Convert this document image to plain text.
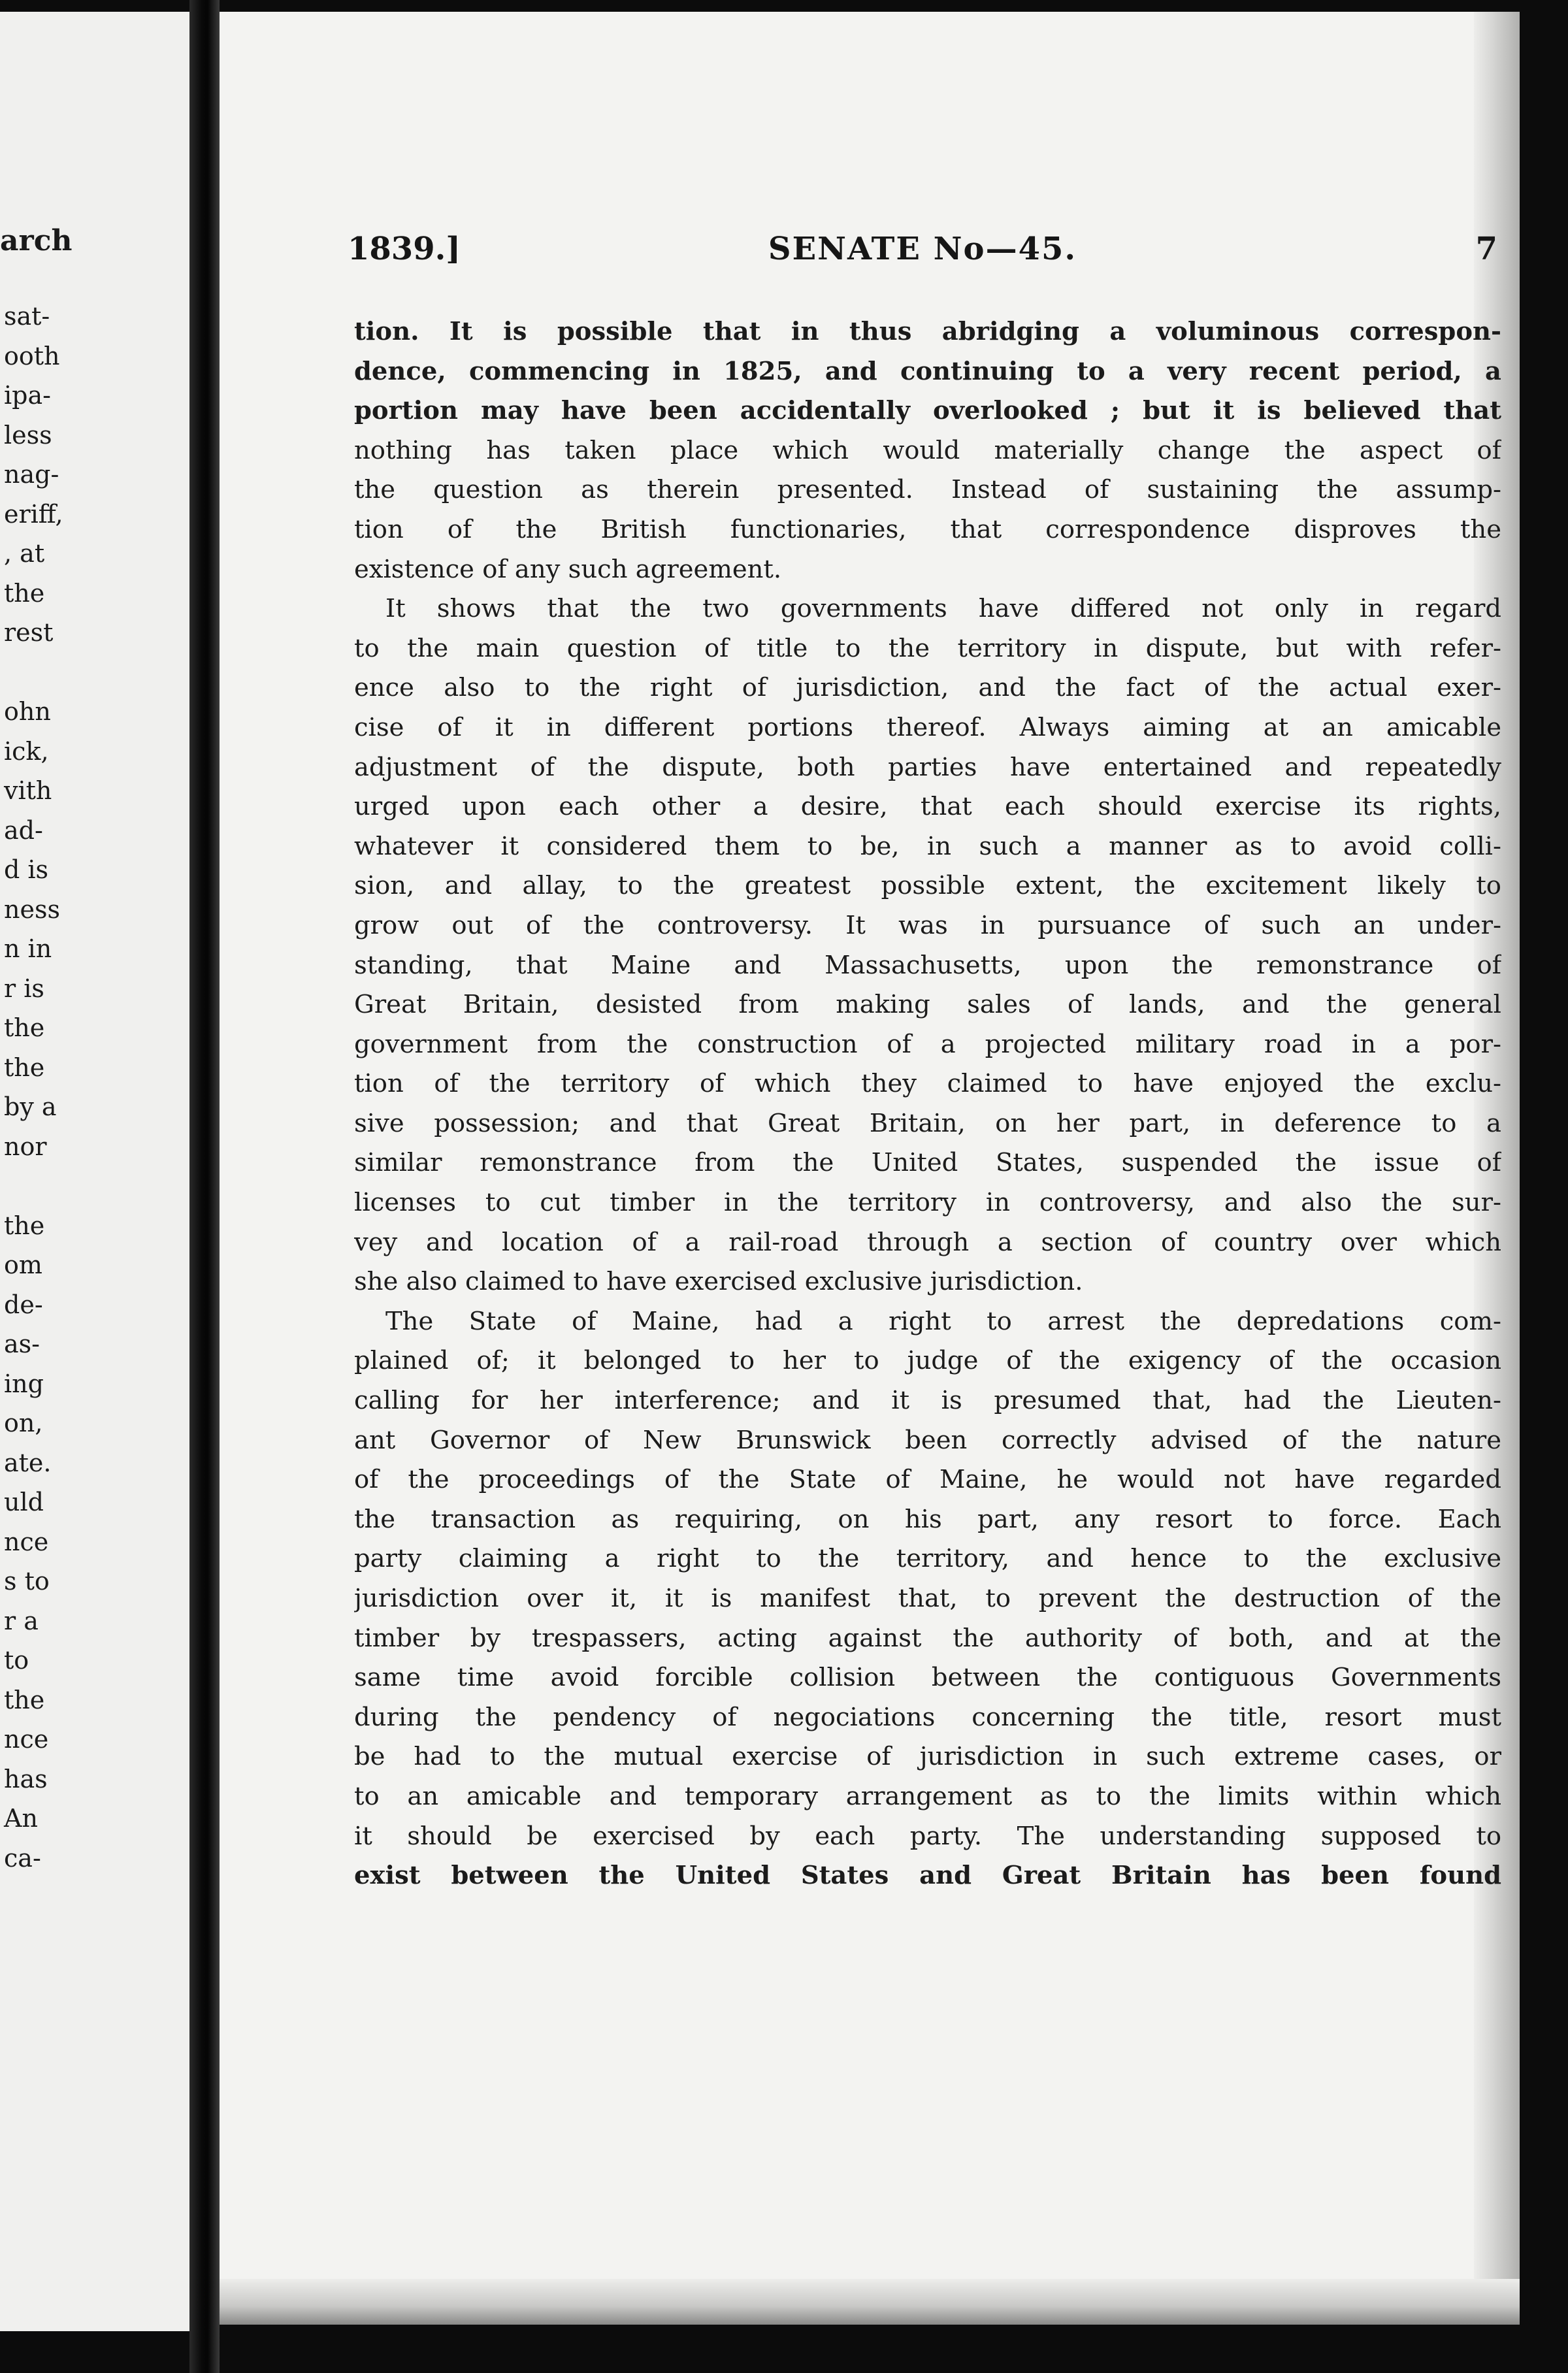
arch
sat-
ooth
ipa-
less
nag-
eriff,
, at
the
rest
ohn
ick,
vith
ad-
d is
ness
n in
r is
the
the
by a
nor
the
om
de-
as-
ing
on,
ate.
uld
nce
s to
r a
to
the
nce
has
An
ca-
1839.]	SENATE No—45.	7
tion. It is possible that in thus abridging a voluminous correspon-
dence, commencing in 1825, and continuing to a very recent period, a
portion may have been accidentally overlooked ; but it is believed that
nothing has taken place which would materially change the aspect of
the question as therein presented. Instead of sustaining the assump-
tion of the British functionaries, that correspondence disproves the
existence of any such agreement.
It shows that the two governments have differed not only in regard
to the main question of title to the territory in dispute, but with refer-
ence also to the right of jurisdiction, and the fact of the actual exer-
cise of it in different portions thereof. Always aiming at an amicable
adjustment of the dispute, both parties have entertained and repeatedly
urged upon each other a desire, that each should exercise its rights,
whatever it considered them to be, in such a manner as to avoid colli-
sion, and allay, to the greatest possible extent, the excitement likely to
grow out of the controversy. It was in pursuance of such an under-
standing, that Maine and Massachusetts, upon the remonstrance of
Great Britain, desisted from making sales of lands, and the general
government from the construction of a projected military road in a por-
tion of the territory of which they claimed to have enjoyed the exclu-
sive possession; and that Great Britain, on her part, in deference to a
similar remonstrance from the United States, suspended the issue of
licenses to cut timber in the territory in controversy, and also the sur-
vey and location of a rail-road through a section of country over which
she also claimed to have exercised exclusive jurisdiction.
The State of Maine, had a right to arrest the depredations com-
plained of; it belonged to her to judge of the exigency of the occasion
calling for her interference; and it is presumed that, had the Lieuten-
ant Governor of New Brunswick been correctly advised of the nature
of the proceedings of the State of Maine, he would not have regarded
the transaction as requiring, on his part, any resort to force. Each
party claiming a right to the territory, and hence to the exclusive
jurisdiction over it, it is manifest that, to prevent the destruction of the
timber by trespassers, acting against the authority of both, and at the
same time avoid forcible collision between the contiguous Governments
during the pendency of negociations concerning the title, resort must
be had to the mutual exercise of jurisdiction in such extreme cases, or
to an amicable and temporary arrangement as to the limits within which
it should be exercised by each party. The understanding supposed to
exist between the United States and Great Britain has been found
